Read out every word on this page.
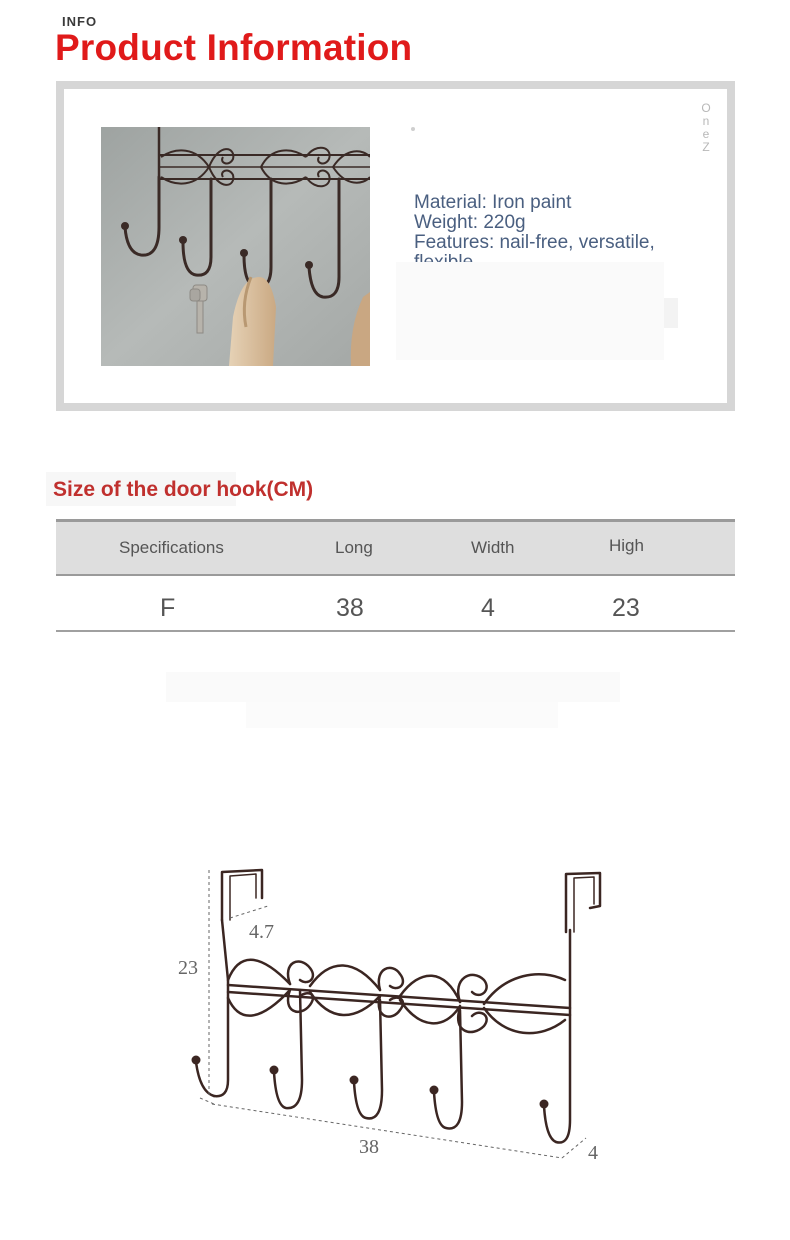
INFO
Product Information
O
n
e
Z
Material: Iron paint
Weight: 220g
Features: nail-free, versatile,
Size of the door hook(CM)
Specifications	Long	Width	High
F	38	4	23
23
4.7
38	4
